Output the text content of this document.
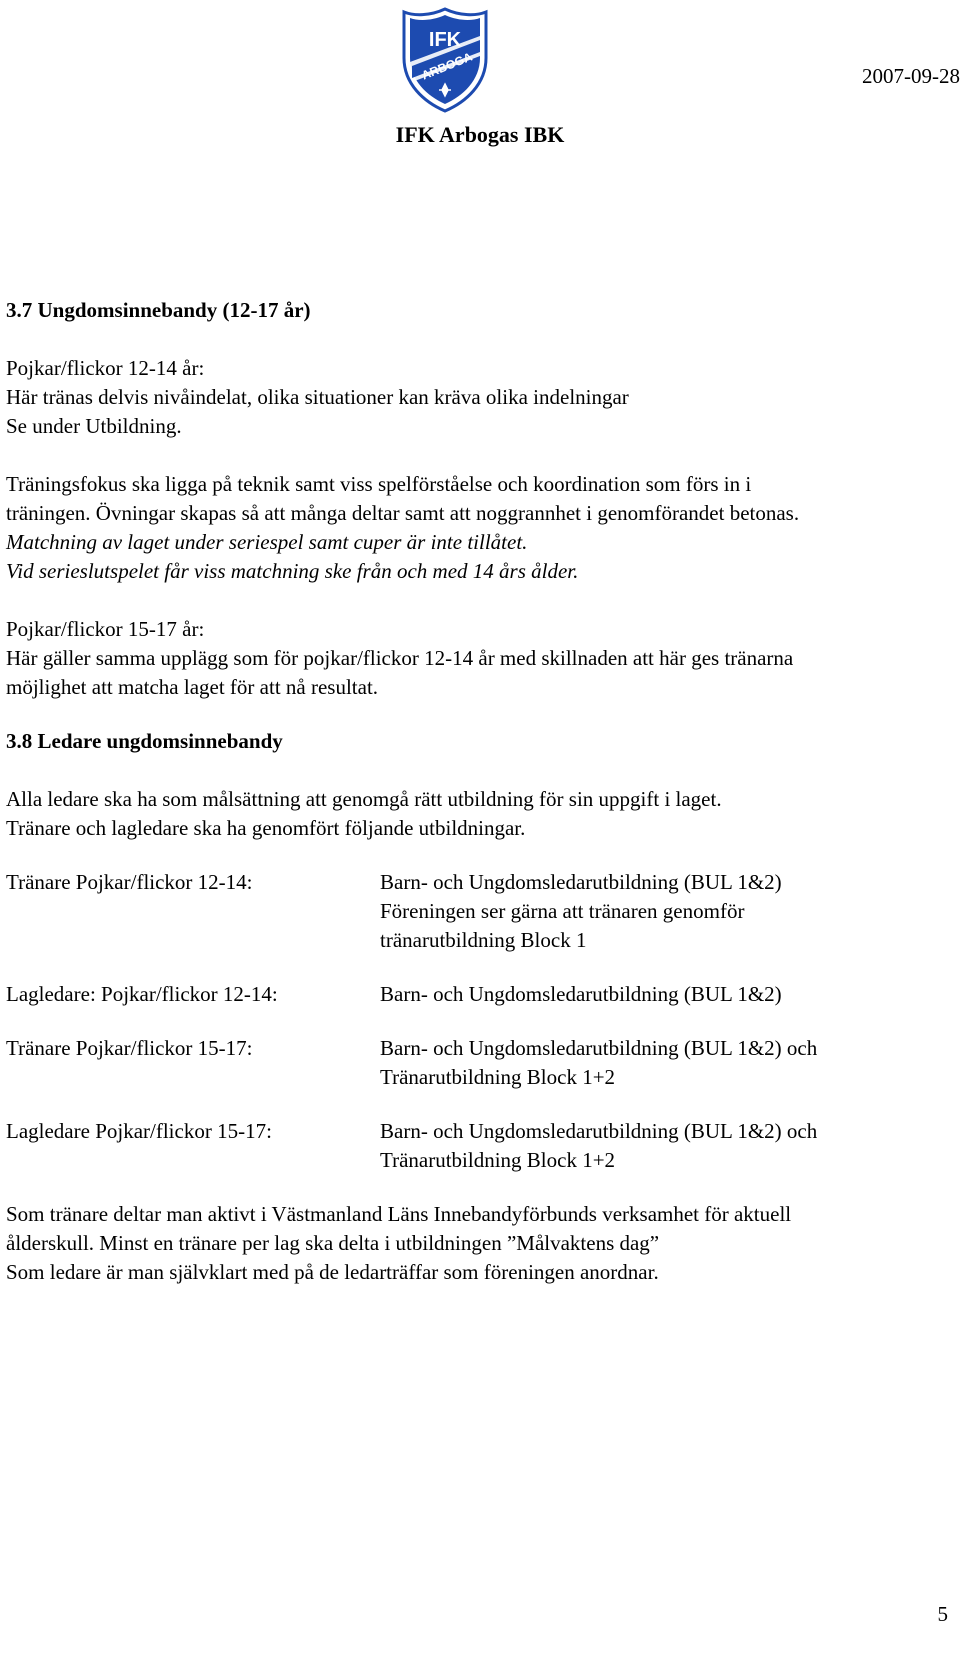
IFK
ARBOGA	2007-09-28
IFK Arbogas IBK

3.7 Ungdomsinnebandy (12-17 år)

Pojkar/flickor 12-14 år:

Här tränas delvis nivåindelat, olika situationer kan kräva olika indelningar

Se under Utbildning.

Träningsfokus ska ligga på teknik samt viss spelförståelse och koordination som förs in i

träningen. Övningar skapas så att många deltar samt att noggrannhet i genomförandet betonas.

Matchning av laget under seriespel samt cuper är inte tillåtet.

Vid serieslutspelet får viss matchning ske från och med 14 års ålder.

Pojkar/flickor 15-17 år:

Här gäller samma upplägg som för pojkar/flickor 12-14 år med skillnaden att här ges tränarna

möjlighet att matcha laget för att nå resultat.

3.8 Ledare ungdomsinnebandy

Alla ledare ska ha som målsättning att genomgå rätt utbildning för sin uppgift i laget.

Tränare och lagledare ska ha genomfört följande utbildningar.

Tränare Pojkar/flickor 12-14:	Barn- och Ungdomsledarutbildning (BUL 1&2)

Föreningen ser gärna att tränaren genomför

tränarutbildning Block 1

Lagledare: Pojkar/flickor 12-14:	Barn- och Ungdomsledarutbildning (BUL 1&2)

Tränare Pojkar/flickor 15-17:	Barn- och Ungdomsledarutbildning (BUL 1&2) och

Tränarutbildning Block 1+2

Lagledare Pojkar/flickor 15-17:	Barn- och Ungdomsledarutbildning (BUL 1&2) och

Tränarutbildning Block 1+2

Som tränare deltar man aktivt i Västmanland Läns Innebandyförbunds verksamhet för aktuell

ålderskull. Minst en tränare per lag ska delta i utbildningen ”Målvaktens dag”

Som ledare är man självklart med på de ledarträffar som föreningen anordnar.

5
